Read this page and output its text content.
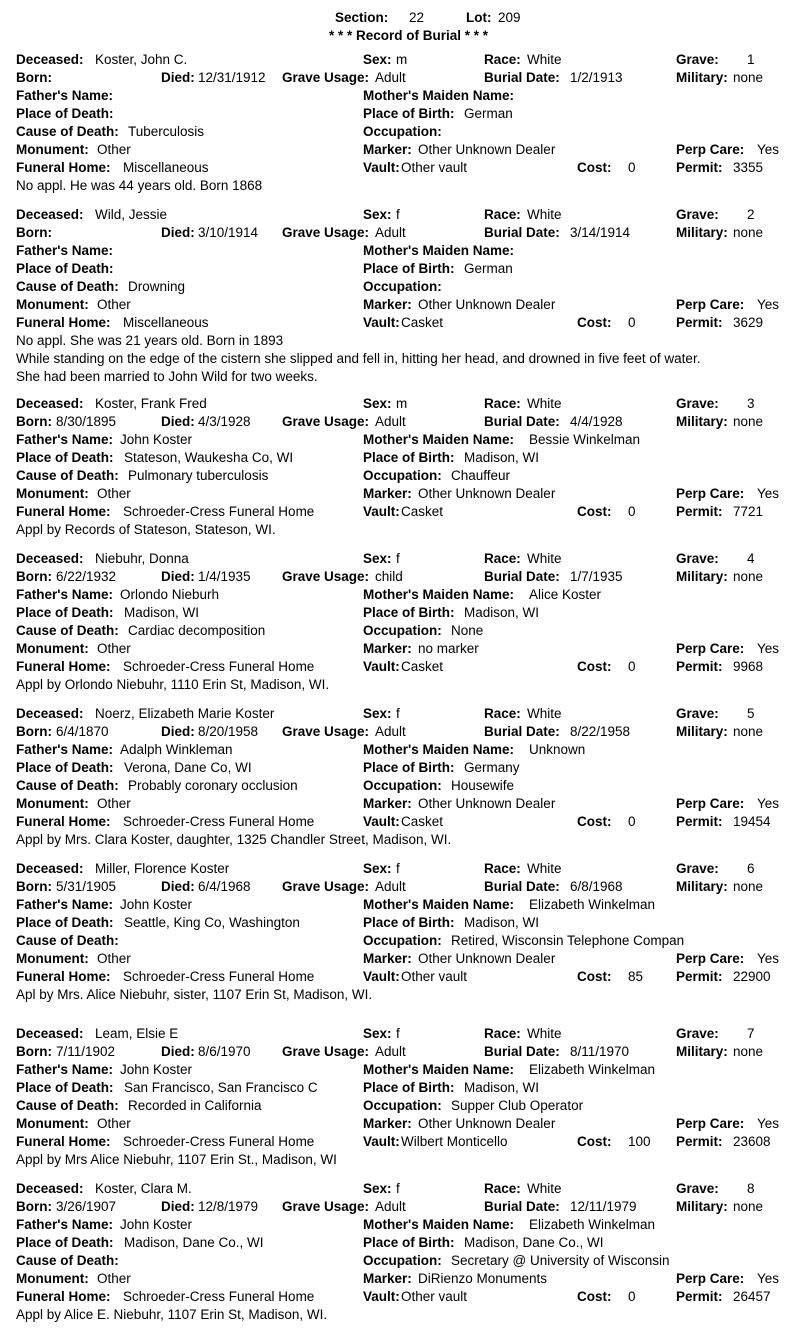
Section: 22	Lot: 209
* * * Record of Burial * * *
Deceased: Koster, John C.	Sex: m	Race: White	Grave: 1
Born:	Died: 12/31/1912 Grave Usage: Adult	Burial Date: 1/2/1913	Military: none
Father's Name:	Mother's Maiden Name:
Place of Death:	Place of Birth: German
Cause of Death: Tuberculosis	Occupation:
Monument: Other	Marker: Other Unknown Dealer	Perp Care: Yes
Funeral Home: Miscellaneous	Vault: Other vault	Cost: 0	Permit: 3355
No appl. He was 44 years old. Born 1868
Deceased: Wild, Jessie	Sex: f	Race: White	Grave: 2
Born:	Died: 3/10/1914 Grave Usage: Adult	Burial Date: 3/14/1914	Military: none
Father's Name:	Mother's Maiden Name:
Place of Death:	Place of Birth: German
Cause of Death: Drowning	Occupation:
Monument: Other	Marker: Other Unknown Dealer	Perp Care: Yes
Funeral Home: Miscellaneous	Vault: Casket	Cost: 0	Permit: 3629
No appl. She was 21 years old. Born in 1893
While standing on the edge of the cistern she slipped and fell in, hitting her head, and drowned in five feet of water.
She had been married to John Wild for two weeks.
Deceased: Koster, Frank Fred	Sex: m	Race: White	Grave: 3
Born: 8/30/1895	Died: 4/3/1928 Grave Usage: Adult	Burial Date: 4/4/1928	Military: none
Father's Name: John Koster	Mother's Maiden Name: Bessie Winkelman
Place of Death: Stateson, Waukesha Co, WI	Place of Birth: Madison, WI
Cause of Death: Pulmonary tuberculosis	Occupation: Chauffeur
Monument: Other	Marker: Other Unknown Dealer	Perp Care: Yes
Funeral Home: Schroeder-Cress Funeral Home	Vault: Casket	Cost: 0	Permit: 7721
Appl by Records of Stateson, Stateson, WI.
Deceased: Niebuhr, Donna	Sex: f	Race: White	Grave: 4
Born: 6/22/1932	Died: 1/4/1935 Grave Usage: child	Burial Date: 1/7/1935	Military: none
Father's Name: Orlondo Nieburh	Mother's Maiden Name: Alice Koster
Place of Death: Madison, WI	Place of Birth: Madison, WI
Cause of Death: Cardiac decomposition	Occupation: None
Monument: Other	Marker: no marker	Perp Care: Yes
Funeral Home: Schroeder-Cress Funeral Home	Vault: Casket	Cost: 0	Permit: 9968
Appl by Orlondo Niebuhr, 1110 Erin St, Madison, WI.
Deceased: Noerz, Elizabeth Marie Koster	Sex: f	Race: White	Grave: 5
Born: 6/4/1870	Died: 8/20/1958 Grave Usage: Adult	Burial Date: 8/22/1958	Military: none
Father's Name: Adalph Winkleman	Mother's Maiden Name: Unknown
Place of Death: Verona, Dane Co, WI	Place of Birth: Germany
Cause of Death: Probably coronary occlusion	Occupation: Housewife
Monument: Other	Marker: Other Unknown Dealer	Perp Care: Yes
Funeral Home: Schroeder-Cress Funeral Home	Vault: Casket	Cost: 0	Permit: 19454
Appl by Mrs. Clara Koster, daughter, 1325 Chandler Street, Madison, WI.
Deceased: Miller, Florence Koster	Sex: f	Race: White	Grave: 6
Born: 5/31/1905	Died: 6/4/1968 Grave Usage: Adult	Burial Date: 6/8/1968	Military: none
Father's Name: John Koster	Mother's Maiden Name: Elizabeth Winkelman
Place of Death: Seattle, King Co, Washington	Place of Birth: Madison, WI
Cause of Death:	Occupation: Retired, Wisconsin Telephone Compan
Monument: Other	Marker: Other Unknown Dealer	Perp Care: Yes
Funeral Home: Schroeder-Cress Funeral Home	Vault: Other vault	Cost: 85 Permit: 22900
Apl by Mrs. Alice Niebuhr, sister, 1107 Erin St, Madison, WI.
Deceased: Leam, Elsie E	Sex: f	Race: White	Grave: 7
Born: 7/11/1902	Died: 8/6/1970 Grave Usage: Adult	Burial Date: 8/11/1970	Military: none
Father's Name: John Koster	Mother's Maiden Name: Elizabeth Winkelman
Place of Death: San Francisco, San Francisco C	Place of Birth: Madison, WI
Cause of Death: Recorded in California	Occupation: Supper Club Operator
Monument: Other	Marker: Other Unknown Dealer	Perp Care: Yes
Funeral Home: Schroeder-Cress Funeral Home	Vault: Wilbert Monticello	Cost: 100 Permit: 23608
Appl by Mrs Alice Niebuhr, 1107 Erin St., Madison, WI
Deceased: Koster, Clara M.	Sex: f	Race: White	Grave: 8
Born: 3/26/1907	Died: 12/8/1979 Grave Usage: Adult	Burial Date: 12/11/1979	Military: none
Father's Name: John Koster	Mother's Maiden Name: Elizabeth Winkelman
Place of Death: Madison, Dane Co., WI	Place of Birth: Madison, Dane Co., WI
Cause of Death:	Occupation: Secretary @ University of Wisconsin
Monument: Other	Marker: DiRienzo Monuments	Perp Care: Yes
Funeral Home: Schroeder-Cress Funeral Home	Vault: Other vault	Cost: 0	Permit: 26457
Appl by Alice E. Niebuhr, 1107 Erin St, Madison, WI.
